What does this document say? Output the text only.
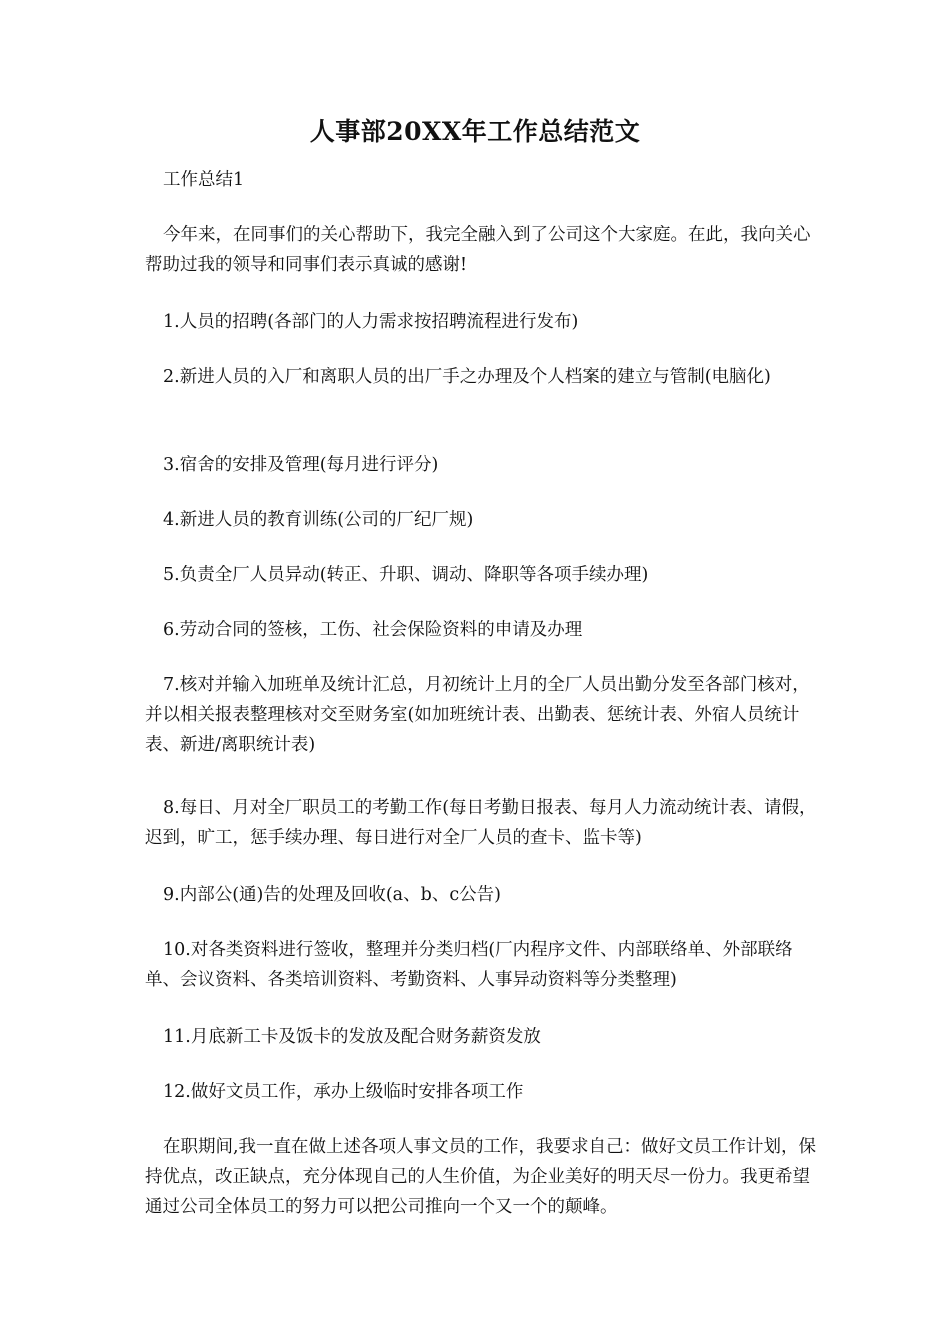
人事部20XX年工作总结范文

工作总结1

今年来，在同事们的关心帮助下，我完全融入到了公司这个大家庭。在此，我向关心帮助过我的领导和同事们表示真诚的感谢!

1.人员的招聘(各部门的人力需求按招聘流程进行发布)

2.新进人员的入厂和离职人员的出厂手之办理及个人档案的建立与管制(电脑化)

3.宿舍的安排及管理(每月进行评分)

4.新进人员的教育训练(公司的厂纪厂规)

5.负责全厂人员异动(转正、升职、调动、降职等各项手续办理)

6.劳动合同的签核，工伤、社会保险资料的申请及办理

7.核对并输入加班单及统计汇总，月初统计上月的全厂人员出勤分发至各部门核对，并以相关报表整理核对交至财务室(如加班统计表、出勤表、惩统计表、外宿人员统计表、新进/离职统计表)

8.每日、月对全厂职员工的考勤工作(每日考勤日报表、每月人力流动统计表、请假，迟到，旷工，惩手续办理、每日进行对全厂人员的查卡、监卡等)

9.内部公(通)告的处理及回收(a、b、c公告)

10.对各类资料进行签收，整理并分类归档(厂内程序文件、内部联络单、外部联络单、会议资料、各类培训资料、考勤资料、人事异动资料等分类整理)

11.月底新工卡及饭卡的发放及配合财务薪资发放

12.做好文员工作，承办上级临时安排各项工作

在职期间,我一直在做上述各项人事文员的工作，我要求自己：做好文员工作计划，保持优点，改正缺点，充分体现自己的人生价值，为企业美好的明天尽一份力。我更希望通过公司全体员工的努力可以把公司推向一个又一个的颠峰。
